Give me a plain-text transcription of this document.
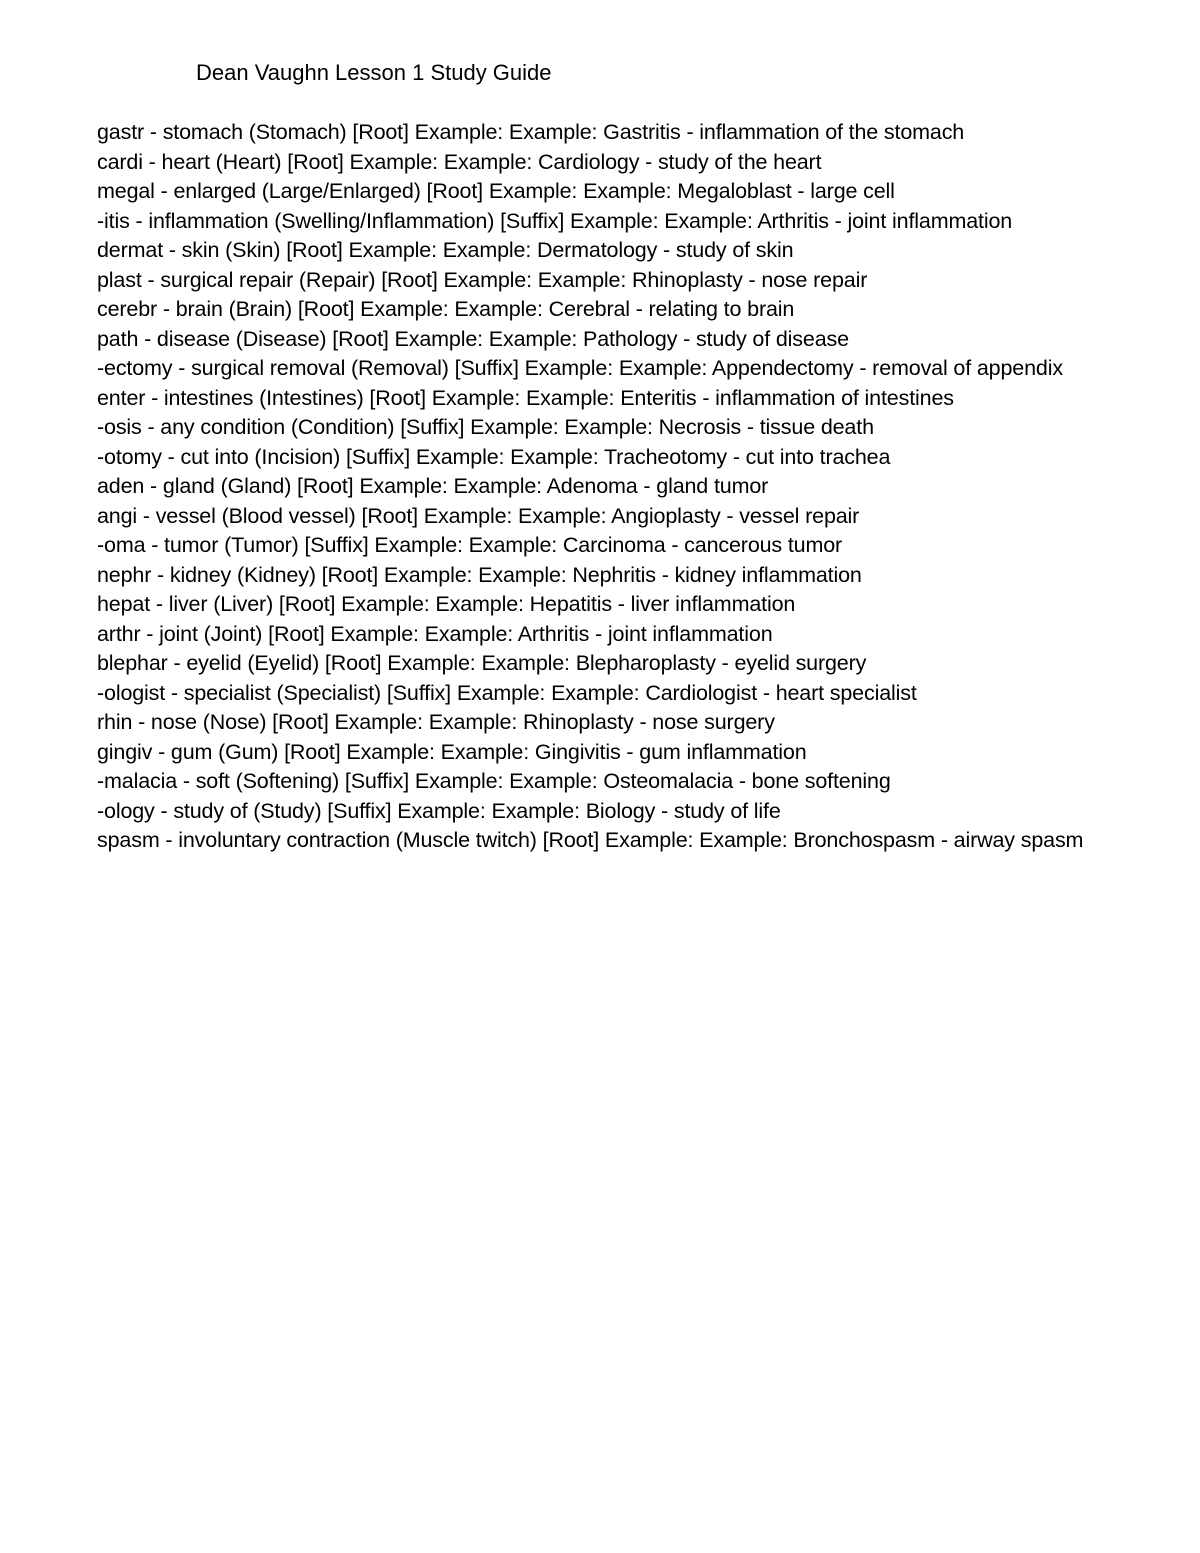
Dean Vaughn Lesson 1 Study Guide
gastr - stomach (Stomach) [Root] Example: Example: Gastritis - inflammation of the stomach
cardi - heart (Heart) [Root] Example: Example: Cardiology - study of the heart
megal - enlarged (Large/Enlarged) [Root] Example: Example: Megaloblast - large cell
-itis - inflammation (Swelling/Inflammation) [Suffix] Example: Example: Arthritis - joint inflammation
dermat - skin (Skin) [Root] Example: Example: Dermatology - study of skin
plast - surgical repair (Repair) [Root] Example: Example: Rhinoplasty - nose repair
cerebr - brain (Brain) [Root] Example: Example: Cerebral - relating to brain
path - disease (Disease) [Root] Example: Example: Pathology - study of disease
-ectomy - surgical removal (Removal) [Suffix] Example: Example: Appendectomy - removal of appendix
enter - intestines (Intestines) [Root] Example: Example: Enteritis - inflammation of intestines
-osis - any condition (Condition) [Suffix] Example: Example: Necrosis - tissue death
-otomy - cut into (Incision) [Suffix] Example: Example: Tracheotomy - cut into trachea
aden - gland (Gland) [Root] Example: Example: Adenoma - gland tumor
angi - vessel (Blood vessel) [Root] Example: Example: Angioplasty - vessel repair
-oma - tumor (Tumor) [Suffix] Example: Example: Carcinoma - cancerous tumor
nephr - kidney (Kidney) [Root] Example: Example: Nephritis - kidney inflammation
hepat - liver (Liver) [Root] Example: Example: Hepatitis - liver inflammation
arthr - joint (Joint) [Root] Example: Example: Arthritis - joint inflammation
blephar - eyelid (Eyelid) [Root] Example: Example: Blepharoplasty - eyelid surgery
-ologist - specialist (Specialist) [Suffix] Example: Example: Cardiologist - heart specialist
rhin - nose (Nose) [Root] Example: Example: Rhinoplasty - nose surgery
gingiv - gum (Gum) [Root] Example: Example: Gingivitis - gum inflammation
-malacia - soft (Softening) [Suffix] Example: Example: Osteomalacia - bone softening
-ology - study of (Study) [Suffix] Example: Example: Biology - study of life
spasm - involuntary contraction (Muscle twitch) [Root] Example: Example: Bronchospasm - airway spasm
